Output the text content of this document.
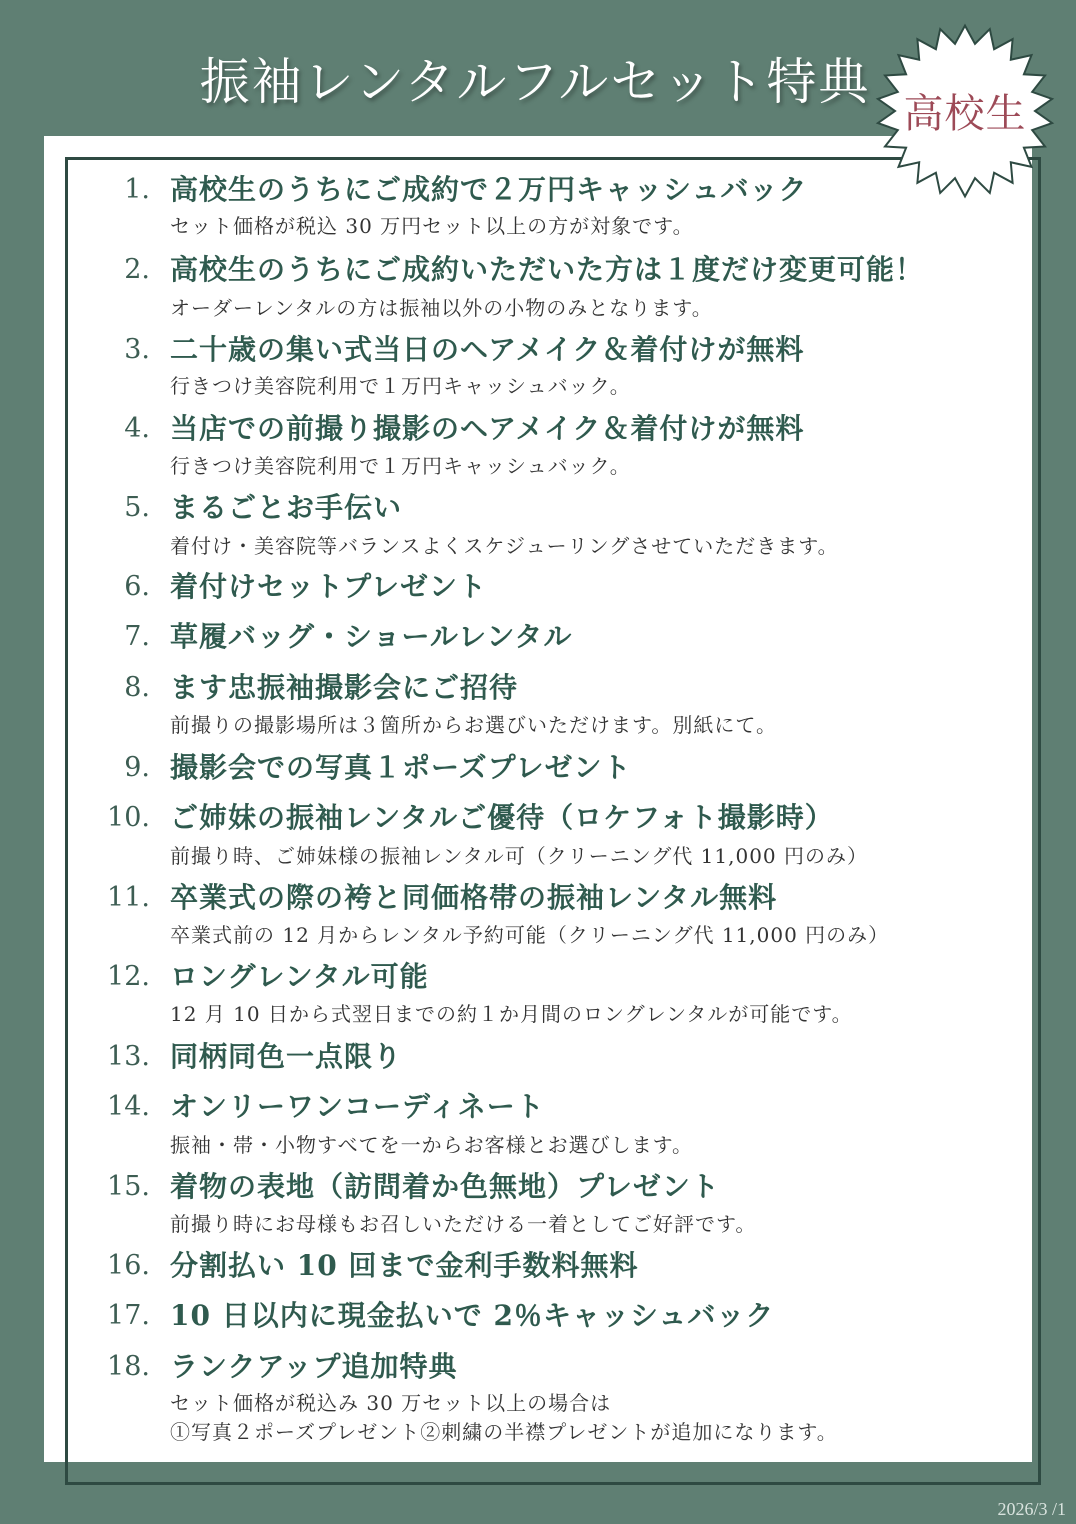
振袖レンタルフルセット特典
高校生
1. 高校生のうちにご成約で２万円キャッシュバック
セット価格が税込 30 万円セット以上の方が対象です。
2. 高校生のうちにご成約いただいた方は１度だけ変更可能！
オーダーレンタルの方は振袖以外の小物のみとなります。
3. 二十歳の集い式当日のヘアメイク＆着付けが無料
行きつけ美容院利用で１万円キャッシュバック。
4. 当店での前撮り撮影のヘアメイク＆着付けが無料
行きつけ美容院利用で１万円キャッシュバック。
5. まるごとお手伝い
着付け・美容院等バランスよくスケジューリングさせていただきます。
6. 着付けセットプレゼント
7. 草履バッグ・ショールレンタル
8. ます忠振袖撮影会にご招待
前撮りの撮影場所は３箇所からお選びいただけます。別紙にて。
9. 撮影会での写真１ポーズプレゼント
10. ご姉妹の振袖レンタルご優待（ロケフォト撮影時）
前撮り時、ご姉妹様の振袖レンタル可（クリーニング代 11,000 円のみ）
11. 卒業式の際の袴と同価格帯の振袖レンタル無料
卒業式前の 12 月からレンタル予約可能（クリーニング代 11,000 円のみ）
12. ロングレンタル可能
12 月 10 日から式翌日までの約１か月間のロングレンタルが可能です。
13. 同柄同色一点限り
14. オンリーワンコーディネート
振袖・帯・小物すべてを一からお客様とお選びします。
15. 着物の表地（訪問着か色無地）プレゼント
前撮り時にお母様もお召しいただける一着としてご好評です。
16. 分割払い 10 回まで金利手数料無料
17. 10 日以内に現金払いで 2％キャッシュバック
18. ランクアップ追加特典
セット価格が税込み 30 万セット以上の場合は
①写真２ポーズプレゼント②刺繍の半襟プレゼントが追加になります。
2026/3 /1
